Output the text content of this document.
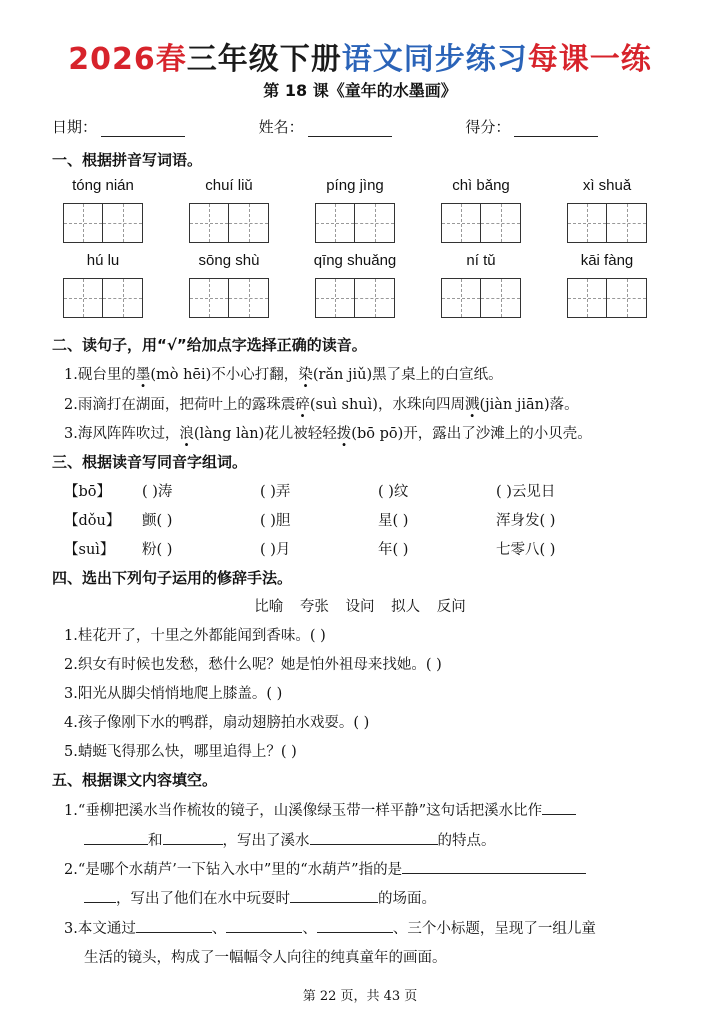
2026春三年级下册语文同步练习每课一练
第 18 课《童年的水墨画》
日期：	姓名：	得分：
一、根据拼音写词语。
tóng nián	chuí liǔ	píng jìng	chì bǎng	xì shuǎ
hú lu	sōng shù	qīng shuǎng	ní tǔ	kāi fàng
二、读句子，用“√”给加点字选择正确的读音。
1.砚台里的墨(mò hēi)不小心打翻，染(rǎn jiǔ)黑了桌上的白宣纸。
2.雨滴打在湖面，把荷叶上的露珠震碎(suì shuì)，水珠向四周溅(jiàn jiān)落。
3.海风阵阵吹过，浪(làng làn)花儿被轻轻拨(bō pō)开，露出了沙滩上的小贝壳。
三、根据读音写同音字组词。
【bō】 ( )涛	( )弄	( )纹	( )云见日
【dǒu】 颤( )	( )胆	星( )	浑身发( )
【suì】 粉( )	( )月	年( )	七零八( )
四、选出下列句子运用的修辞手法。
比喻 夸张 设问 拟人 反问
1.桂花开了，十里之外都能闻到香味。( )
2.织女有时候也发愁，愁什么呢？她是怕外祖母来找她。( )
3.阳光从脚尖悄悄地爬上膝盖。( )
4.孩子像刚下水的鸭群，扇动翅膀拍水戏耍。( )
5.蜻蜓飞得那么快，哪里追得上？( )
五、根据课文内容填空。
1.“垂柳把溪水当作梳妆的镜子，山溪像绿玉带一样平静”这句话把溪水比作
和	，写出了溪水	的特点。
2.“是哪个水葫芦’一下钻入水中”里的“水葫芦”指的是
，写出了他们在水中玩耍时	的场面。
3.本文通过	、	、	、三个小标题，呈现了一组儿童
生活的镜头，构成了一幅幅令人向往的纯真童年的画面。
第 22 页，共 43 页
